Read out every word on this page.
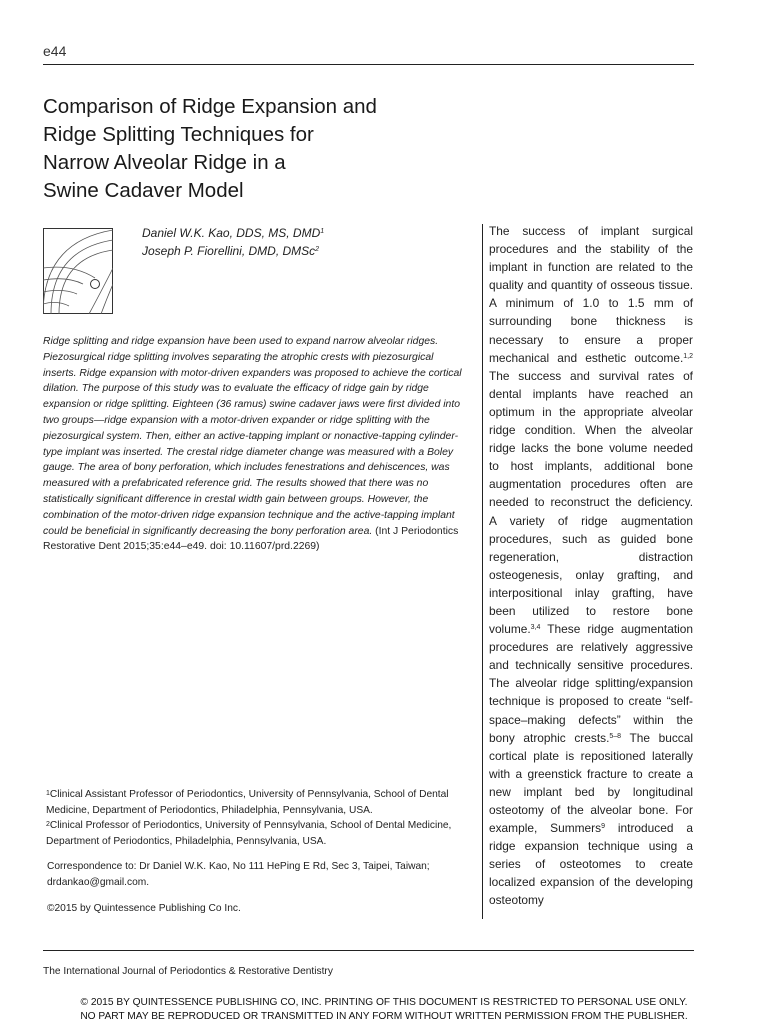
e44
Comparison of Ridge Expansion and
Ridge Splitting Techniques for
Narrow Alveolar Ridge in a
Swine Cadaver Model
Daniel W.K. Kao, DDS, MS, DMD$^1$
Joseph P. Fiorellini, DMD, DMSc$^2$
Ridge splitting and ridge expansion have been used to expand narrow alveolar ridges. Piezosurgical ridge splitting involves separating the atrophic crests with piezosurgical inserts. Ridge expansion with motor-driven expanders was proposed to achieve the cortical dilation. The purpose of this study was to evaluate the efficacy of ridge gain by ridge expansion or ridge splitting. Eighteen (36 ramus) swine cadaver jaws were first divided into two groups—ridge expansion with a motor-driven expander or ridge splitting with the piezosurgical system. Then, either an active-tapping implant or nonactive-tapping cylinder-type implant was inserted. The crestal ridge diameter change was measured with a Boley gauge. The area of bony perforation, which includes fenestrations and dehiscences, was measured with a prefabricated reference grid. The results showed that there was no statistically significant difference in crestal width gain between groups. However, the combination of the motor-driven ridge expansion technique and the active-tapping implant could be beneficial in significantly decreasing the bony perforation area. (Int J Periodontics Restorative Dent 2015;35:e44–e49. doi: 10.11607/prd.2269)
The success of implant surgical procedures and the stability of the implant in function are related to the quality and quantity of osseous tissue. A minimum of 1.0 to 1.5 mm of surrounding bone thickness is necessary to ensure a proper mechanical and esthetic outcome.$^{1,2}$ The success and survival rates of dental implants have reached an optimum in the appropriate alveolar ridge condition. When the alveolar ridge lacks the bone volume needed to host implants, additional bone augmentation procedures often are needed to reconstruct the deficiency. A variety of ridge augmentation procedures, such as guided bone regeneration, distraction osteogenesis, onlay grafting, and interpositional inlay grafting, have been utilized to restore bone volume.$^{3,4}$ These ridge augmentation procedures are relatively aggressive and technically sensitive procedures. The alveolar ridge splitting/expansion technique is proposed to create “self-space–making defects” within the bony atrophic crests.$^{5-8}$ The buccal cortical plate is repositioned laterally with a greenstick fracture to create a new implant bed by longitudinal osteotomy of the alveolar bone. For example, Summers$^9$ introduced a ridge expansion technique using a series of osteotomes to create localized expansion of the developing osteotomy
$^1$Clinical Assistant Professor of Periodontics, University of Pennsylvania, School of Dental Medicine, Department of Periodontics, Philadelphia, Pennsylvania, USA.
$^2$Clinical Professor of Periodontics, University of Pennsylvania, School of Dental Medicine, Department of Periodontics, Philadelphia, Pennsylvania, USA.
Correspondence to: Dr Daniel W.K. Kao, No 111 HePing E Rd, Sec 3, Taipei, Taiwan; drdankao@gmail.com.
©2015 by Quintessence Publishing Co Inc.
The International Journal of Periodontics & Restorative Dentistry
© 2015 BY QUINTESSENCE PUBLISHING CO, INC. PRINTING OF THIS DOCUMENT IS RESTRICTED TO PERSONAL USE ONLY.
NO PART MAY BE REPRODUCED OR TRANSMITTED IN ANY FORM WITHOUT WRITTEN PERMISSION FROM THE PUBLISHER.
